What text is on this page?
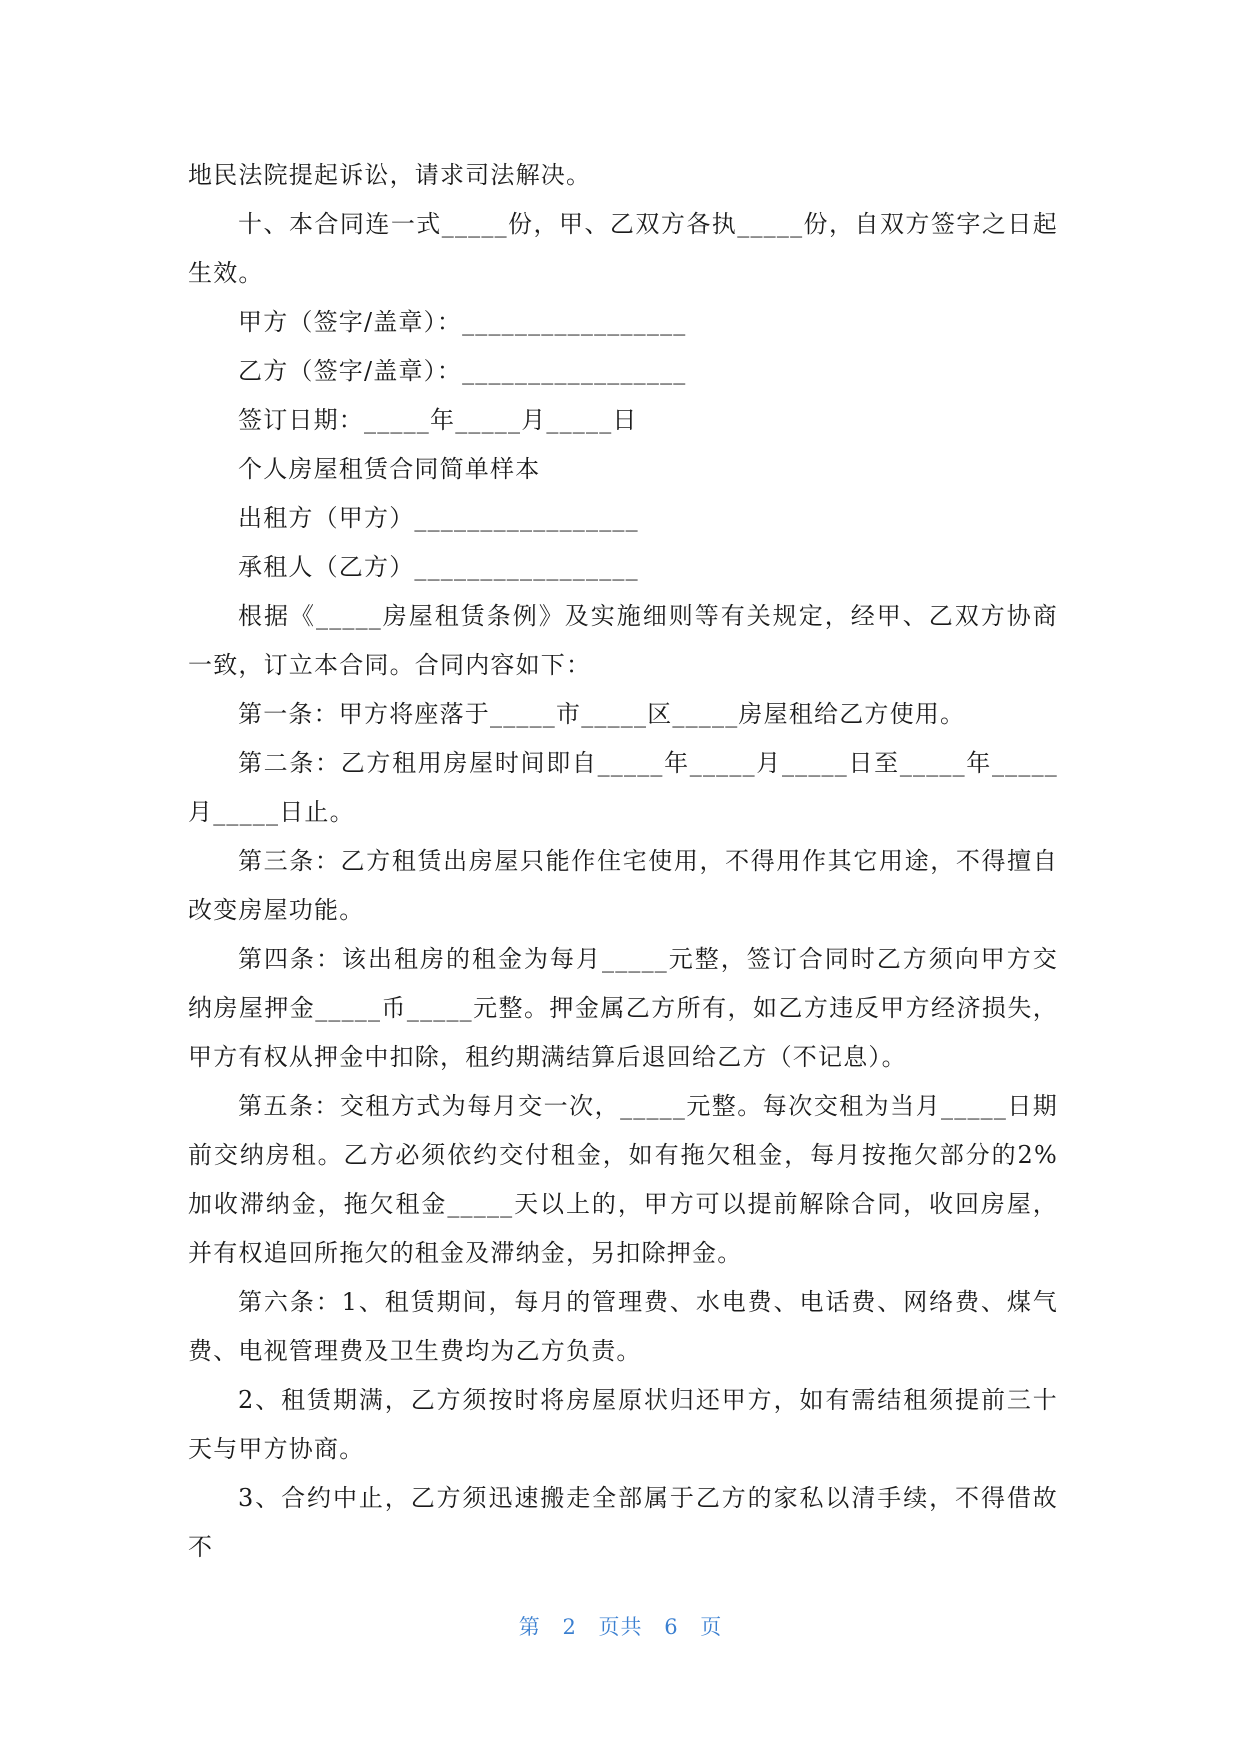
地民法院提起诉讼，请求司法解决。

十、本合同连一式_____份，甲、乙双方各执_____份，自双方签字之日起生效。

甲方（签字/盖章）：_________________

乙方（签字/盖章）：_________________

签订日期：_____年_____月_____日

个人房屋租赁合同简单样本

出租方（甲方）_________________

承租人（乙方）_________________

根据《_____房屋租赁条例》及实施细则等有关规定，经甲、乙双方协商一致，订立本合同。合同内容如下：

第一条：甲方将座落于_____市_____区_____房屋租给乙方使用。

第二条：乙方租用房屋时间即自_____年_____月_____日至_____年_____月_____日止。

第三条：乙方租赁出房屋只能作住宅使用，不得用作其它用途，不得擅自改变房屋功能。

第四条：该出租房的租金为每月_____元整，签订合同时乙方须向甲方交纳房屋押金_____币_____元整。押金属乙方所有，如乙方违反甲方经济损失，甲方有权从押金中扣除，租约期满结算后退回给乙方（不记息）。

第五条：交租方式为每月交一次，_____元整。每次交租为当月_____日期前交纳房租。乙方必须依约交付租金，如有拖欠租金，每月按拖欠部分的2%加收滞纳金，拖欠租金_____天以上的，甲方可以提前解除合同，收回房屋，并有权追回所拖欠的租金及滞纳金，另扣除押金。

第六条：1、租赁期间，每月的管理费、水电费、电话费、网络费、煤气费、电视管理费及卫生费均为乙方负责。

2、租赁期满，乙方须按时将房屋原状归还甲方，如有需结租须提前三十天与甲方协商。

3、合约中止，乙方须迅速搬走全部属于乙方的家私以清手续，不得借故不

第 2 页共 6 页
